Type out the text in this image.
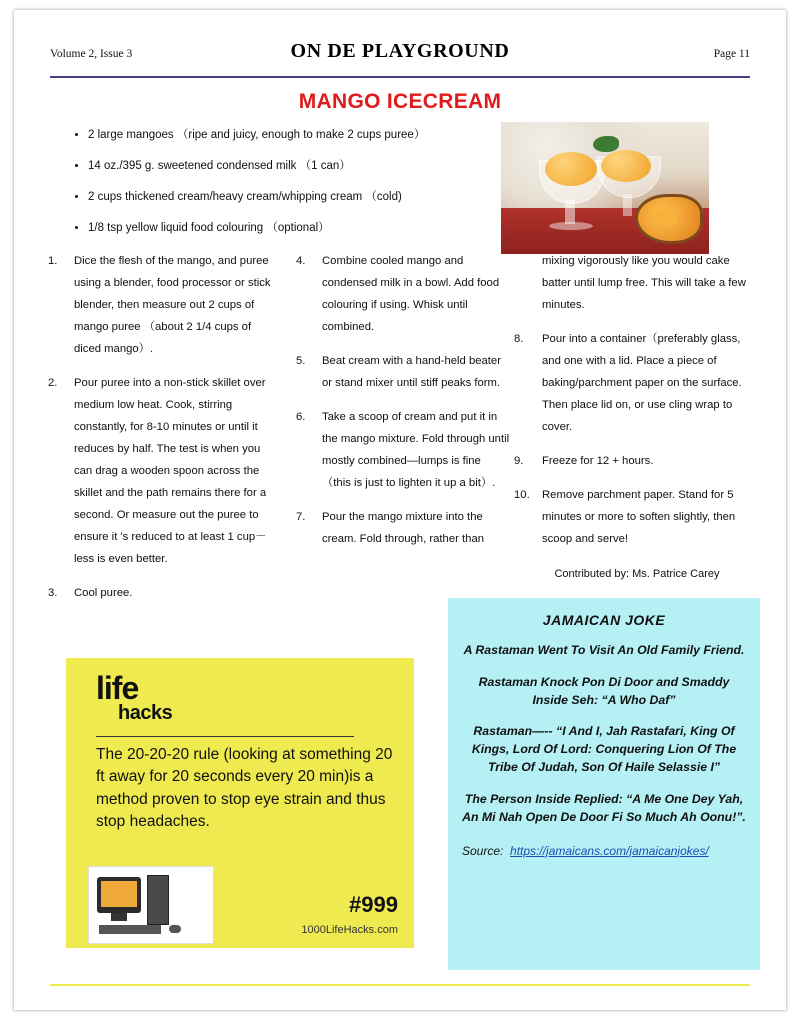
Volume 2, Issue 3	ON DE PLAYGROUND	Page 11
MANGO ICECREAM
• 2 large mangoes （ripe and juicy, enough to make 2 cups puree）
• 14 oz./395 g. sweetened condensed milk （1 can）
• 2 cups thickened cream/heavy cream/whipping cream （cold)
• 1/8 tsp yellow liquid food colouring （optional）
1. Dice the flesh of the mango, and puree using a blender, food processor or stick blender, then measure out 2 cups of mango puree （about 2 1/4 cups of diced mango）.
2. Pour puree into a non-stick skillet over medium low heat. Cook, stirring constantly, for 8-10 minutes or until it reduces by half. The test is when you can drag a wooden spoon across the skillet and the path remains there for a second. Or measure out the puree to ensure it 's reduced to at least 1 cup－ less is even better.
3. Cool puree.
4. Combine cooled mango and condensed milk in a bowl. Add food colouring if using. Whisk until combined.
5. Beat cream with a hand-held beater or stand mixer until stiff peaks form.
6. Take a scoop of cream and put it in the mango mixture. Fold through until mostly combined—lumps is fine （this is just to lighten it up a bit）.
7. Pour the mango mixture into the cream. Fold through, rather than
mixing vigorously like you would cake batter until lump free. This will take a few minutes.
8. Pour into a container（preferably glass, and one with a lid. Place a piece of baking/parchment paper on the surface. Then place lid on, or use cling wrap to cover.
9. Freeze for 12 + hours.
10. Remove parchment paper. Stand for 5 minutes or more to soften slightly, then scoop and serve!
Contributed by: Ms. Patrice Carey
life
hacks
The 20-20-20 rule (looking at something 20 ft away for 20 seconds every 20 min)is a method proven to stop eye strain and thus stop headaches.
#999
1000LifeHacks.com
JAMAICAN JOKE

A Rastaman Went To Visit An Old Family Friend.

Rastaman Knock Pon Di Door and Smaddy Inside Seh: “A Who Daf”

Rastaman—-- “I And I, Jah Rastafari, King Of Kings, Lord Of Lord: Conquering Lion Of The Tribe Of Judah, Son Of Haile Selassie I”

The Person Inside Replied: “A Me One Dey Yah, An Mi Nah Open De Door Fi So Much Ah Oonu!”.

Source: https://jamaicans.com/jamaicanjokes/
